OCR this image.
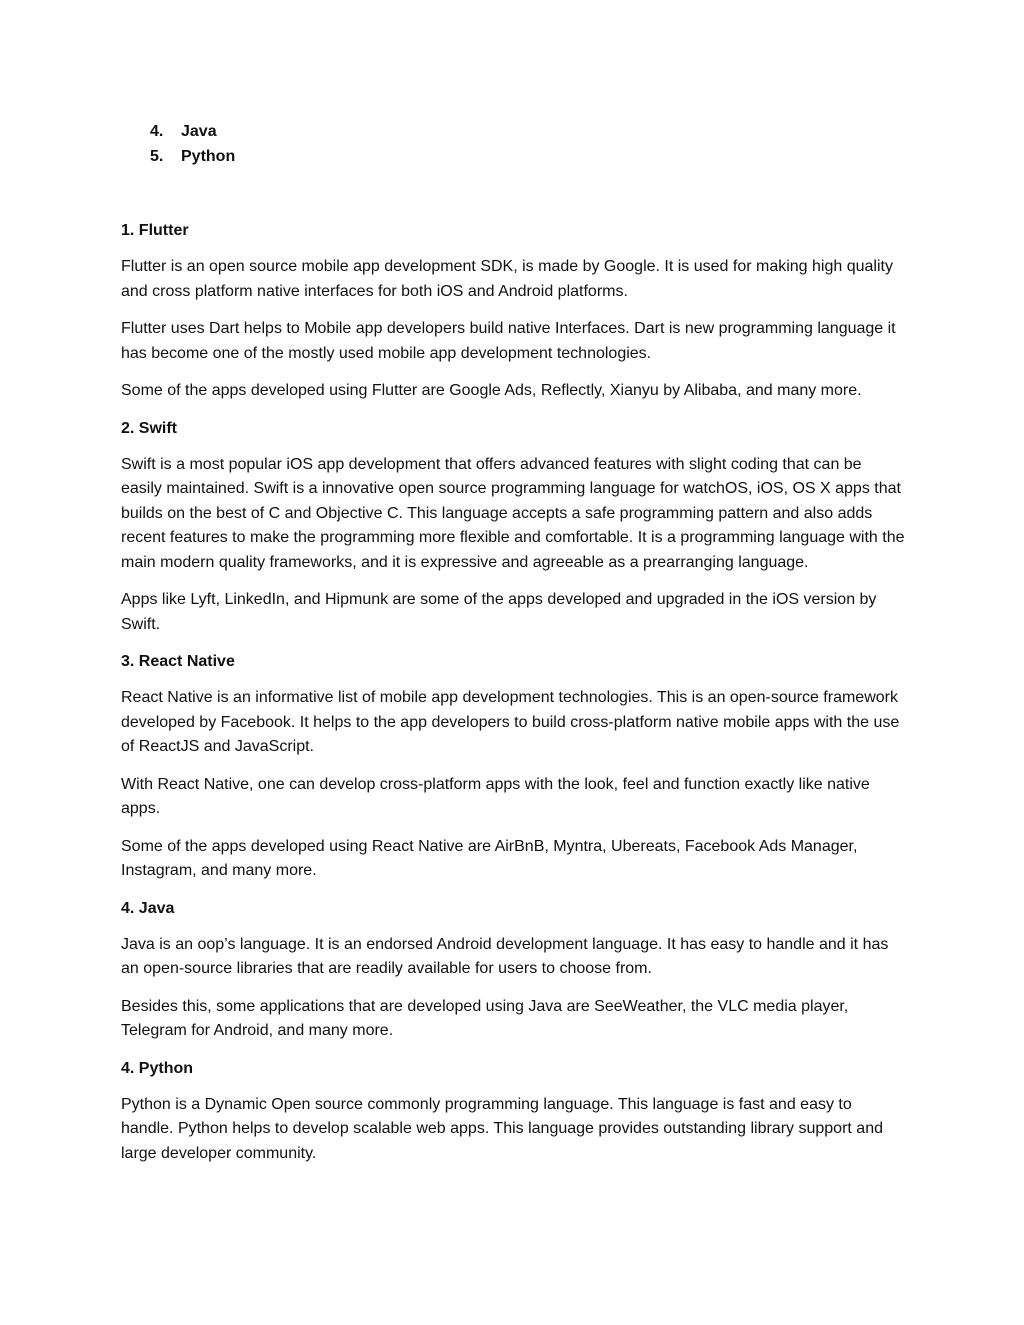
4.	Java
5.	Python
1. Flutter

Flutter is an open source mobile app development SDK, is made by Google. It is used for making high quality and cross platform native interfaces for both iOS and Android platforms.

Flutter uses Dart helps to Mobile app developers build native Interfaces. Dart is new programming language it has become one of the mostly used mobile app development technologies.

Some of the apps developed using Flutter are Google Ads, Reflectly, Xianyu by Alibaba, and many more.

2. Swift

Swift is a most popular iOS app development that offers advanced features with slight coding that can be easily maintained. Swift is a innovative open source programming language for watchOS, iOS, OS X apps that builds on the best of C and Objective C. This language accepts a safe programming pattern and also adds recent features to make the programming more flexible and comfortable. It is a programming language with the main modern quality frameworks, and it is expressive and agreeable as a prearranging language.

Apps like Lyft, LinkedIn, and Hipmunk are some of the apps developed and upgraded in the iOS version by Swift.

3. React Native

React Native is an informative list of mobile app development technologies. This is an open-source framework developed by Facebook. It helps to the app developers to build cross-platform native mobile apps with the use of ReactJS and JavaScript.

With React Native, one can develop cross-platform apps with the look, feel and function exactly like native apps.

Some of the apps developed using React Native are AirBnB, Myntra, Ubereats, Facebook Ads Manager, Instagram, and many more.

4. Java

Java is an oop’s language. It is an endorsed Android development language. It has easy to handle and it has an open-source libraries that are readily available for users to choose from.

Besides this, some applications that are developed using Java are SeeWeather, the VLC media player, Telegram for Android, and many more.

4. Python

Python is a Dynamic Open source commonly programming language. This language is fast and easy to handle. Python helps to develop scalable web apps. This language provides outstanding library support and large developer community.
